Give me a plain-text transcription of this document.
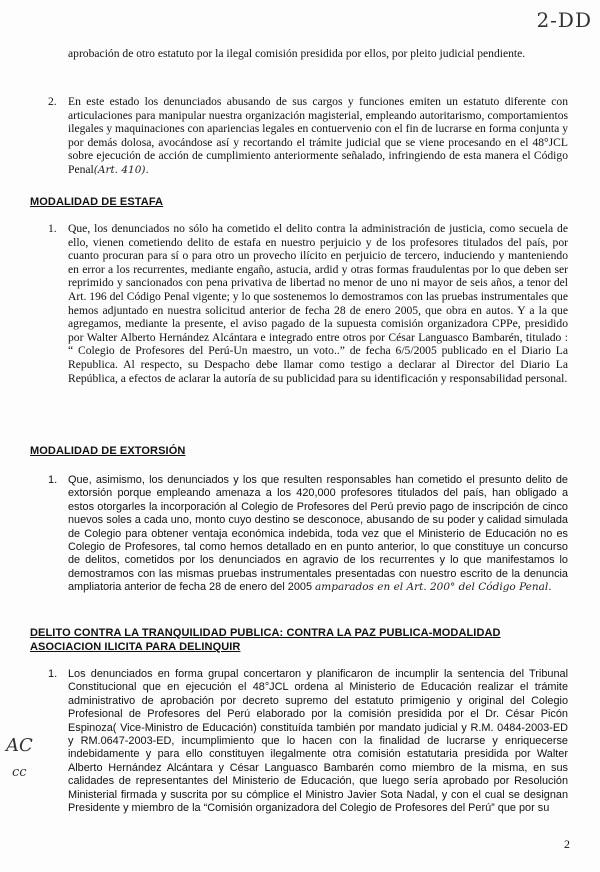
2-DD
aprobación de otro estatuto por la ilegal comisión presidida por ellos, por pleito judicial pendiente.
2. En este estado los denunciados abusando de sus cargos y funciones emiten un estatuto diferente con articulaciones para manipular nuestra organización magisterial, empleando autoritarismo, comportamientos ilegales y maquinaciones con apariencias legales en contuervenio con el fin de lucrarse en forma conjunta y por demás dolosa, avocándose así y recortando el trámite judicial que se viene procesando en el 48°JCL sobre ejecución de acción de cumplimiento anteriormente señalado, infringiendo de esta manera el Código Penal(Art. 410).
MODALIDAD DE ESTAFA
1. Que, los denunciados no sólo ha cometido el delito contra la administración de justicia, como secuela de ello, vienen cometiendo delito de estafa en nuestro perjuicio y de los profesores titulados del país, por cuanto procuran para sí o para otro un provecho ilícito en perjuicio de tercero, induciendo y manteniendo en error a los recurrentes, mediante engaño, astucia, ardid y otras formas fraudulentas por lo que deben ser reprimido y sancionados con pena privativa de libertad no menor de uno ni mayor de seis años, a tenor del Art. 196 del Código Penal vigente; y lo que sostenemos lo demostramos con las pruebas instrumentales que hemos adjuntado en nuestra solicitud anterior de fecha 28 de enero 2005, que obra en autos. Y a la que agregamos, mediante la presente, el aviso pagado de la supuesta comisión organizadora CPPe, presidido por Walter Alberto Hernández Alcántara e integrado entre otros por César Languasco Bambarén, titulado : “ Colegio de Profesores del Perú-Un maestro, un voto..” de fecha 6/5/2005 publicado en el Diario La Republica. Al respecto, su Despacho debe llamar como testigo a declarar al Director del Diario La República, a efectos de aclarar la autoría de su publicidad para su identificación y responsabilidad personal.
MODALIDAD DE EXTORSIÓN
1. Que, asimismo, los denunciados y los que resulten responsables han cometido el presunto delito de extorsión porque empleando amenaza a los 420,000 profesores titulados del país, han obligado a estos otorgarles la incorporación al Colegio de Profesores del Perú previo pago de inscripción de cinco nuevos soles a cada uno, monto cuyo destino se desconoce, abusando de su poder y calidad simulada de Colegio para obtener ventaja económica indebida, toda vez que el Ministerio de Educación no es Colegio de Profesores, tal como hemos detallado en en punto anterior, lo que constituye un concurso de delitos, cometidos por los denunciados en agravio de los recurrentes y lo que manifestamos lo demostramos con las mismas pruebas instrumentales presentadas con nuestro escrito de la denuncia ampliatoria anterior de fecha 28 de enero del 2005 amparados en el Art. 200° del Código Penal.
DELITO CONTRA LA TRANQUILIDAD PUBLICA: CONTRA LA PAZ PUBLICA-MODALIDAD
ASOCIACION ILICITA PARA DELINQUIR
1. Los denunciados en forma grupal concertaron y planificaron de incumplir la sentencia del Tribunal Constitucional que en ejecución el 48°JCL ordena al Ministerio de Educación realizar el trámite administrativo de aprobación por decreto supremo del estatuto primigenio y original del Colegio Profesional de Profesores del Perú elaborado por la comisión presidida por el Dr. César Picón Espinoza( Vice-Ministro de Educación) constituída también por mandato judicial y R.M. 0484-2003-ED y RM.0647-2003-ED, incumplimiento que lo hacen con la finalidad de lucrarse y enriquecerse indebidamente y para ello constituyen ilegalmente otra comisión estatutaria presidida por Walter Alberto Hernández Alcántara y César Languasco Bambarén como miembro de la misma, en sus calidades de representantes del Ministerio de Educación, que luego sería aprobado por Resolución Ministerial firmada y suscrita por su cómplice el Ministro Javier Sota Nadal, y con el cual se designan Presidente y miembro de la “Comisión organizadora del Colegio de Profesores del Perú” que por su
AC
cc
2
